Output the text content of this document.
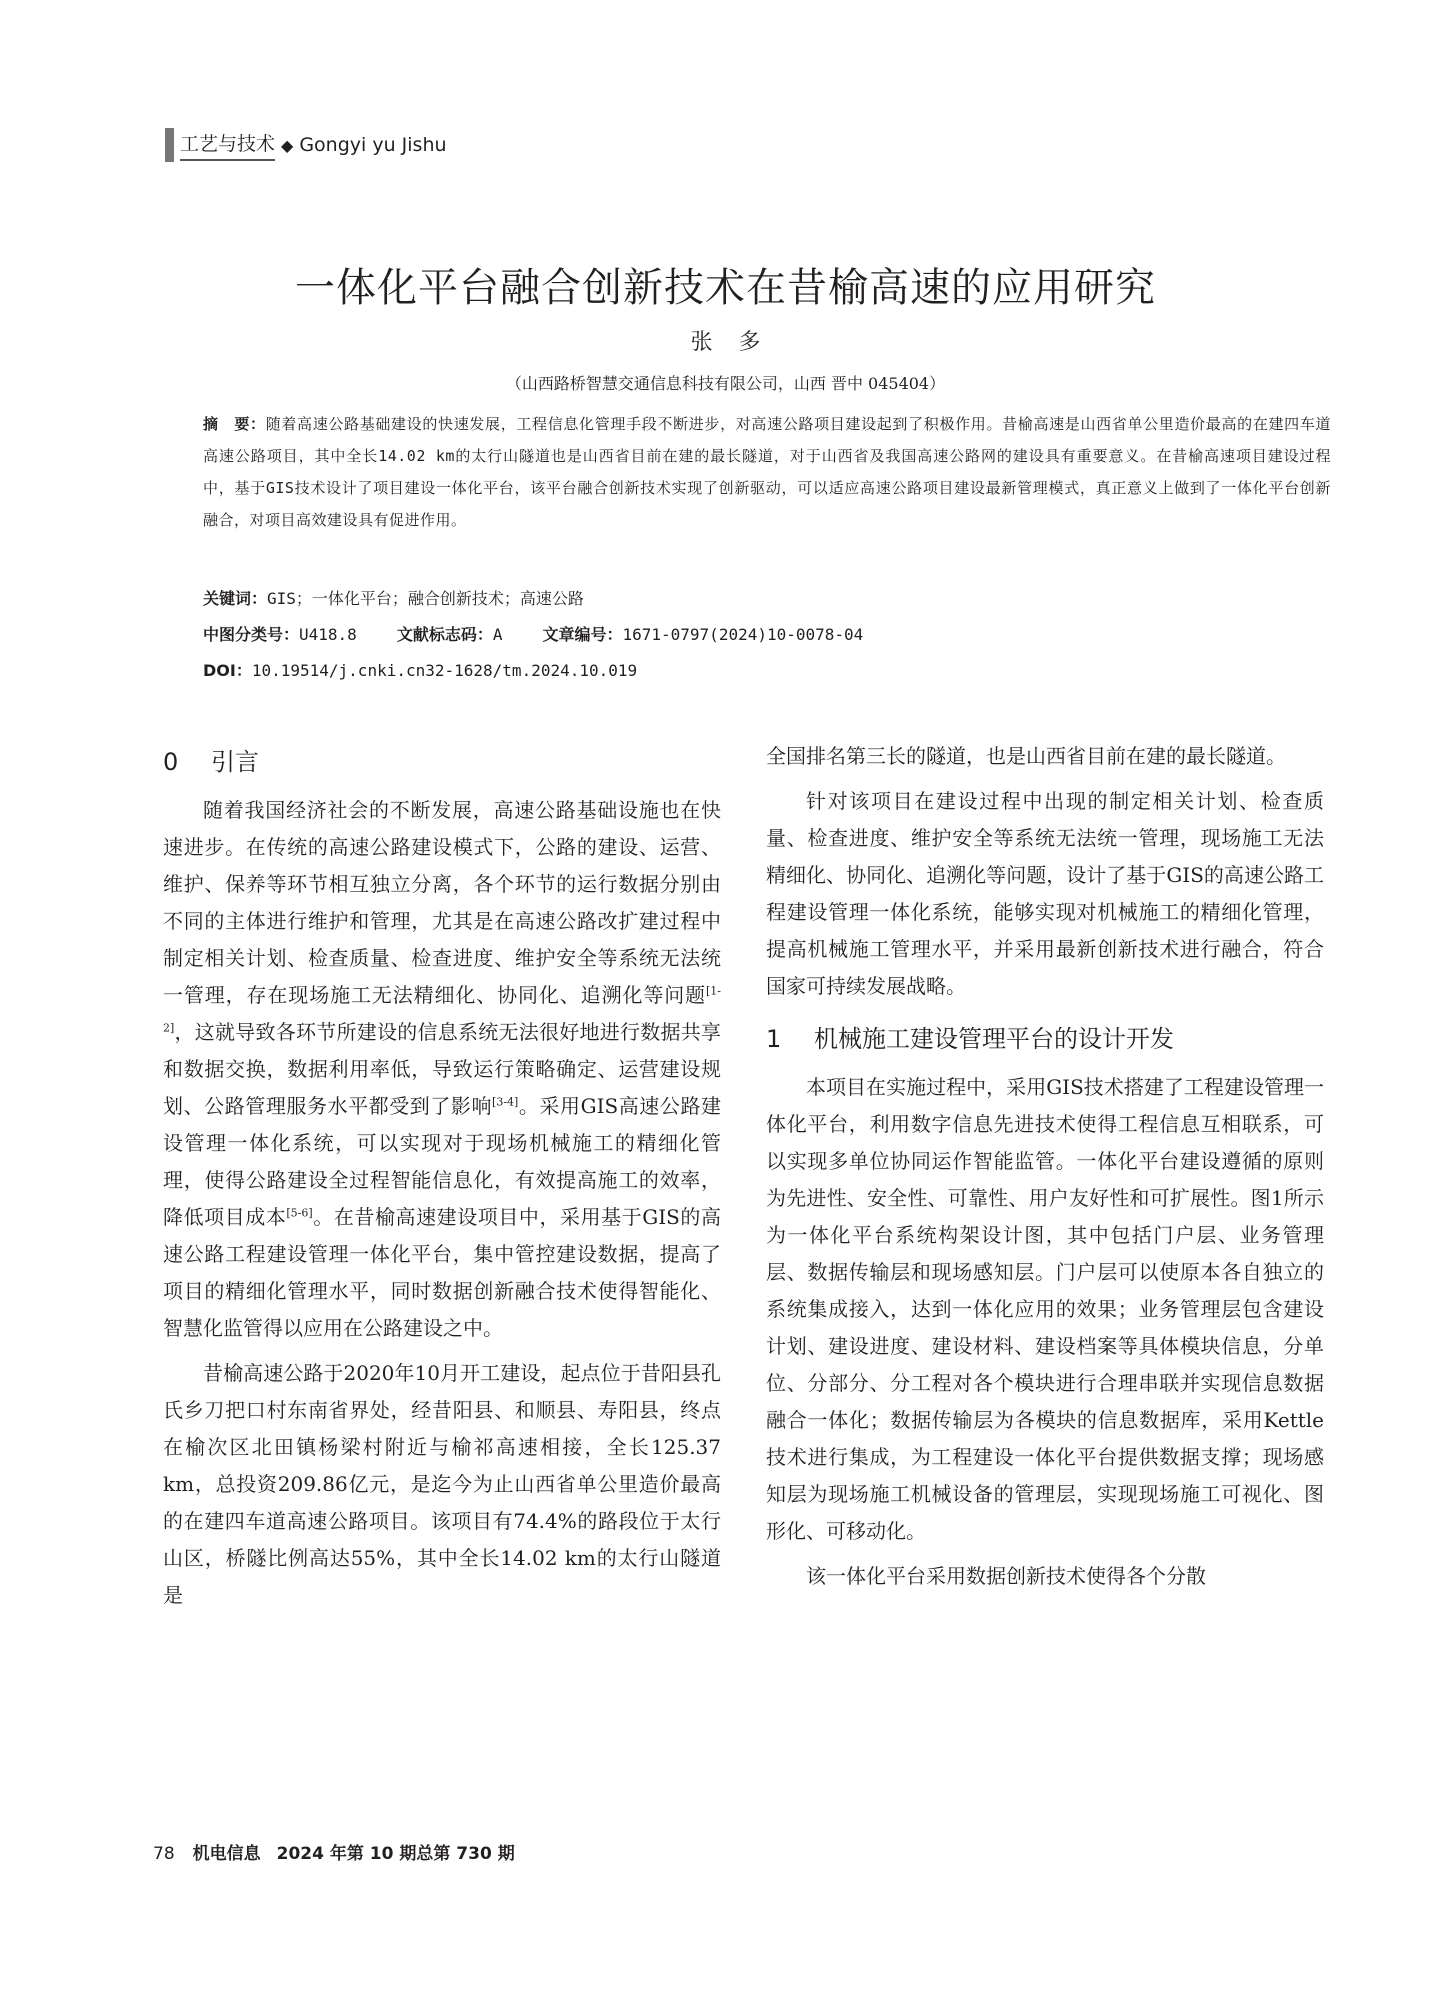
工艺与技术 ◆ Gongyi yu Jishu
一体化平台融合创新技术在昔榆高速的应用研究
张多
（山西路桥智慧交通信息科技有限公司，山西 晋中 045404）
摘　要：随着高速公路基础建设的快速发展，工程信息化管理手段不断进步，对高速公路项目建设起到了积极作用。昔榆高速是山西省单公里造价最高的在建四车道高速公路项目，其中全长14.02 km的太行山隧道也是山西省目前在建的最长隧道，对于山西省及我国高速公路网的建设具有重要意义。在昔榆高速项目建设过程中，基于GIS技术设计了项目建设一体化平台，该平台融合创新技术实现了创新驱动，可以适应高速公路项目建设最新管理模式，真正意义上做到了一体化平台创新融合，对项目高效建设具有促进作用。
关键词：GIS；一体化平台；融合创新技术；高速公路
中图分类号：U418.8	文献标志码：A	文章编号：1671-0797(2024)10-0078-04
DOI：10.19514/j.cnki.cn32-1628/tm.2024.10.019
0 引言

随着我国经济社会的不断发展，高速公路基础设施也在快速进步。在传统的高速公路建设模式下，公路的建设、运营、维护、保养等环节相互独立分离，各个环节的运行数据分别由不同的主体进行维护和管理，尤其是在高速公路改扩建过程中制定相关计划、检查质量、检查进度、维护安全等系统无法统一管理，存在现场施工无法精细化、协同化、追溯化等问题[1-2]，这就导致各环节所建设的信息系统无法很好地进行数据共享和数据交换，数据利用率低，导致运行策略确定、运营建设规划、公路管理服务水平都受到了影响[3-4]。采用GIS高速公路建设管理一体化系统，可以实现对于现场机械施工的精细化管理，使得公路建设全过程智能信息化，有效提高施工的效率，降低项目成本[5-6]。在昔榆高速建设项目中，采用基于GIS的高速公路工程建设管理一体化平台，集中管控建设数据，提高了项目的精细化管理水平，同时数据创新融合技术使得智能化、智慧化监管得以应用在公路建设之中。

昔榆高速公路于2020年10月开工建设，起点位于昔阳县孔氏乡刀把口村东南省界处，经昔阳县、和顺县、寿阳县，终点在榆次区北田镇杨梁村附近与榆祁高速相接，全长125.37 km，总投资209.86亿元，是迄今为止山西省单公里造价最高的在建四车道高速公路项目。该项目有74.4%的路段位于太行山区，桥隧比例高达55%，其中全长14.02 km的太行山隧道是

全国排名第三长的隧道，也是山西省目前在建的最长隧道。

针对该项目在建设过程中出现的制定相关计划、检查质量、检查进度、维护安全等系统无法统一管理，现场施工无法精细化、协同化、追溯化等问题，设计了基于GIS的高速公路工程建设管理一体化系统，能够实现对机械施工的精细化管理，提高机械施工管理水平，并采用最新创新技术进行融合，符合国家可持续发展战略。

1 机械施工建设管理平台的设计开发

本项目在实施过程中，采用GIS技术搭建了工程建设管理一体化平台，利用数字信息先进技术使得工程信息互相联系，可以实现多单位协同运作智能监管。一体化平台建设遵循的原则为先进性、安全性、可靠性、用户友好性和可扩展性。图1所示为一体化平台系统构架设计图，其中包括门户层、业务管理层、数据传输层和现场感知层。门户层可以使原本各自独立的系统集成接入，达到一体化应用的效果；业务管理层包含建设计划、建设进度、建设材料、建设档案等具体模块信息，分单位、分部分、分工程对各个模块进行合理串联并实现信息数据融合一体化；数据传输层为各模块的信息数据库，采用Kettle技术进行集成，为工程建设一体化平台提供数据支撑；现场感知层为现场施工机械设备的管理层，实现现场施工可视化、图形化、可移动化。

该一体化平台采用数据创新技术使得各个分散

78 机电信息 2024 年第 10 期总第 730 期
